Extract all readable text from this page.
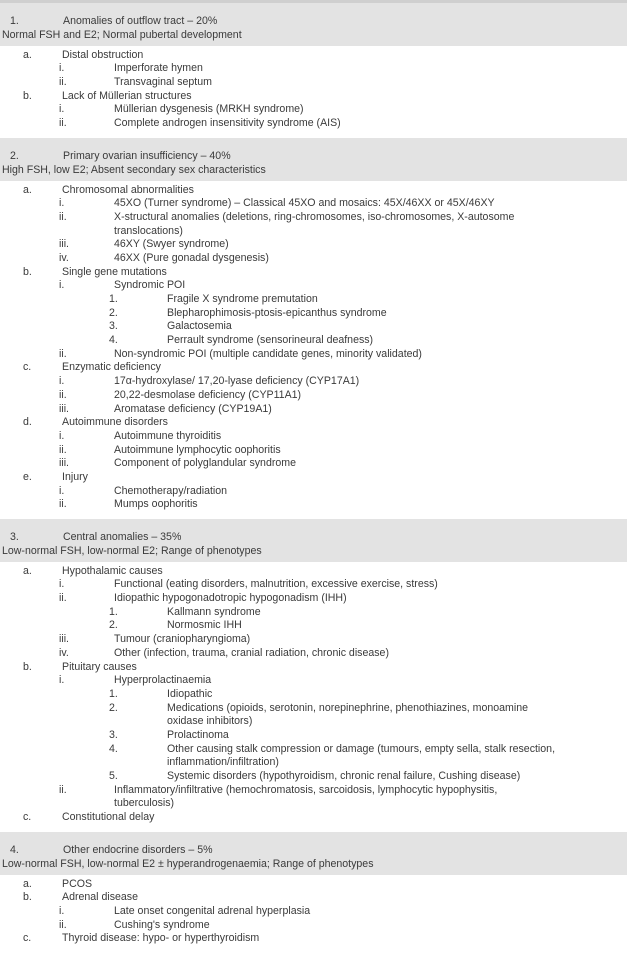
1.	Anomalies of outflow tract – 20%
Normal FSH and E2; Normal pubertal development
a.	Distal obstruction
i.	Imperforate hymen
ii.	Transvaginal septum
b.	Lack of Müllerian structures
i.	Müllerian dysgenesis (MRKH syndrome)
ii.	Complete androgen insensitivity syndrome (AIS)
2.	Primary ovarian insufficiency – 40%
High FSH, low E2; Absent secondary sex characteristics
a.	Chromosomal abnormalities
i.	45XO (Turner syndrome) – Classical 45XO and mosaics: 45X/46XX or 45X/46XY
ii.	X-structural anomalies (deletions, ring-chromosomes, iso-chromosomes, X-autosome
translocations)
iii.	46XY (Swyer syndrome)
iv.	46XX (Pure gonadal dysgenesis)
b.	Single gene mutations
i.	Syndromic POI
1.	Fragile X syndrome premutation
2.	Blepharophimosis-ptosis-epicanthus syndrome
3.	Galactosemia
4.	Perrault syndrome (sensorineural deafness)
ii.	Non-syndromic POI (multiple candidate genes, minority validated)
c.	Enzymatic deficiency
i.	17α-hydroxylase/ 17,20-lyase deficiency (CYP17A1)
ii.	20,22-desmolase deficiency (CYP11A1)
iii.	Aromatase deficiency (CYP19A1)
d.	Autoimmune disorders
i.	Autoimmune thyroiditis
ii.	Autoimmune lymphocytic oophoritis
iii.	Component of polyglandular syndrome
e.	Injury
i.	Chemotherapy/radiation
ii.	Mumps oophoritis
3.	Central anomalies – 35%
Low-normal FSH, low-normal E2; Range of phenotypes
a.	Hypothalamic causes
i.	Functional (eating disorders, malnutrition, excessive exercise, stress)
ii.	Idiopathic hypogonadotropic hypogonadism (IHH)
1.	Kallmann syndrome
2.	Normosmic IHH
iii.	Tumour (craniopharyngioma)
iv.	Other (infection, trauma, cranial radiation, chronic disease)
b.	Pituitary causes
i.	Hyperprolactinaemia
1.	Idiopathic
2.	Medications (opioids, serotonin, norepinephrine, phenothiazines, monoamine
oxidase inhibitors)
3.	Prolactinoma
4.	Other causing stalk compression or damage (tumours, empty sella, stalk resection,
inflammation/infiltration)
5.	Systemic disorders (hypothyroidism, chronic renal failure, Cushing disease)
ii.	Inflammatory/infiltrative (hemochromatosis, sarcoidosis, lymphocytic hypophysitis,
tuberculosis)
c.	Constitutional delay
4.	Other endocrine disorders – 5%
Low-normal FSH, low-normal E2 ± hyperandrogenaemia; Range of phenotypes
a.	PCOS
b.	Adrenal disease
i.	Late onset congenital adrenal hyperplasia
ii.	Cushing's syndrome
c.	Thyroid disease: hypo- or hyperthyroidism
